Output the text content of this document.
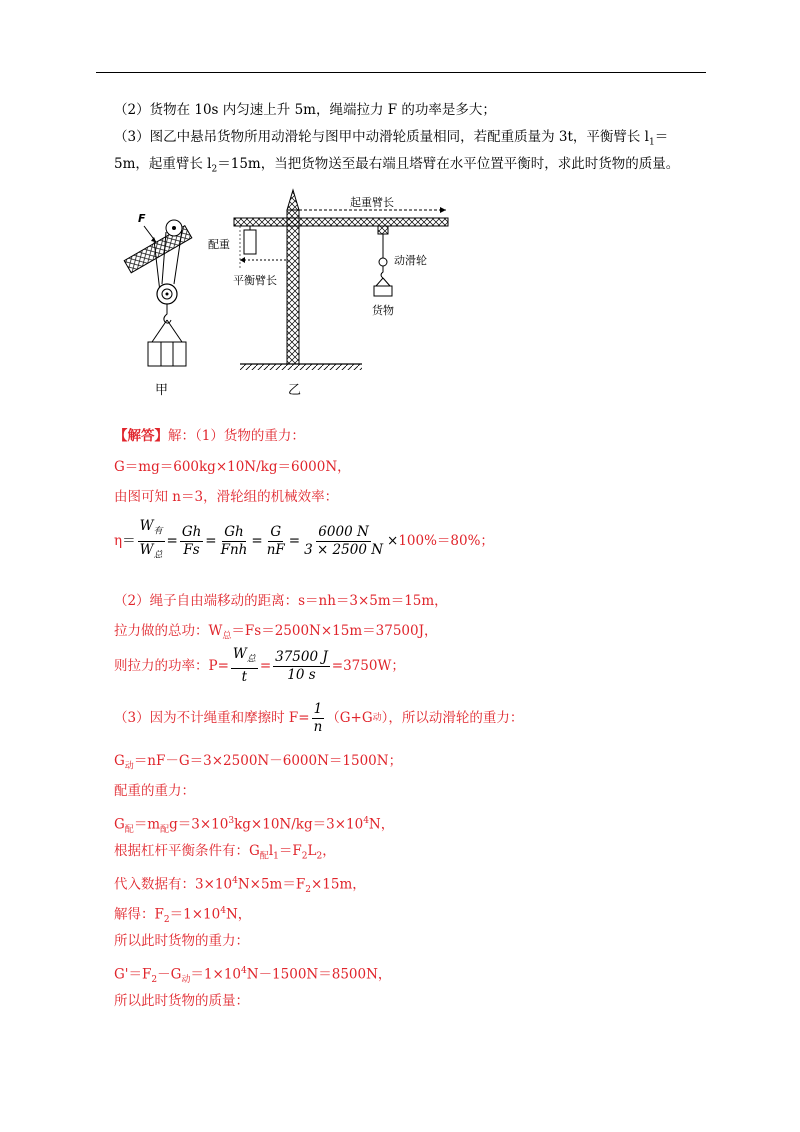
（2）货物在 10s 内匀速上升 5m，绳端拉力 F 的功率是多大；
（3）图乙中悬吊货物所用动滑轮与图甲中动滑轮质量相同，若配重质量为 3t，平衡臂长 $l_1=$
5m，起重臂长 $l_2=15m$，当把货物送至最右端且塔臂在水平位置平衡时，求此时货物的质量。
F
甲
配重
平衡臂长
起重臂长
动滑轮
货物
乙
【解答】解：（1）货物的重力：
G＝mg＝600kg×10N/kg＝6000N，
由图可知 n＝3，滑轮组的机械效率：
$\eta = \frac{W_有}{W_总} = \frac{Gh}{Fs} = \frac{Gh}{\text{Fnh}} = \frac{G}{nF} = \frac{6000 N}{3 \times 2500 N} \times 100\%=80\%$；
（2）绳子自由端移动的距离：s＝nh＝3×5m＝15m，
拉力做的总功：$W_总=Fs=2500N\times 15m=37500J$，
则拉力的功率：$P= \frac{W_总}{t} = \frac{37500 J}{10 s} =3750W$；
（3）因为不计绳重和摩擦时 $F= \frac{1}{n} (G+G$ 动 ），所以动滑轮的重力：
$G_动=nF-G=3\times 2500N-6000N=1500N$；
配重的重力：
$G_配=m_配g=3\times 10^3kg\times 10N/kg=3\times 10^4N$，
根据杠杆平衡条件有：$G_配l_1=F_2L_2$，
代入数据有：$3\times 10^4N\times 5m=F_2\times 15m$，
解得：$F_2=1\times 10^4N$，
所以此时货物的重力：
$G'=F_2-G_动=1\times 10^4N-1500N=8500N$，
所以此时货物的质量：
